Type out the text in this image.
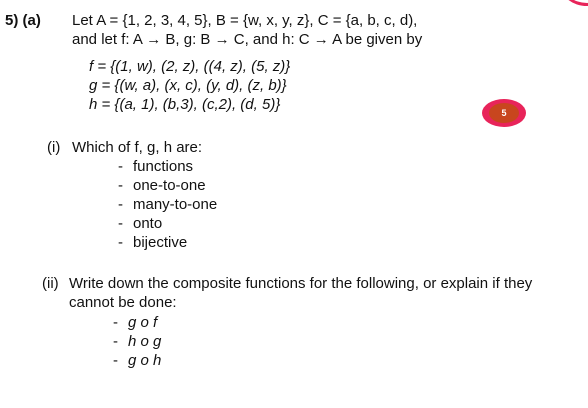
5) (a) Let A = {1, 2, 3, 4, 5}, B = {w, x, y, z}, C = {a, b, c, d),
and let f: A → B, g: B → C, and h: C → A be given by
f = {(1, w), (2, z), ((4, z), (5, z)}
g = {(w, a), (x, c), (y, d), (z, b)}
h = {(a, 1), (b,3), (c,2), (d, 5)}	5
(i) Which of f, g, h are:
- functions
- one-to-one
- many-to-one
- onto
- bijective
(ii) Write down the composite functions for the following, or explain if they
cannot be done:
- g o f
- h o g
- g o h
